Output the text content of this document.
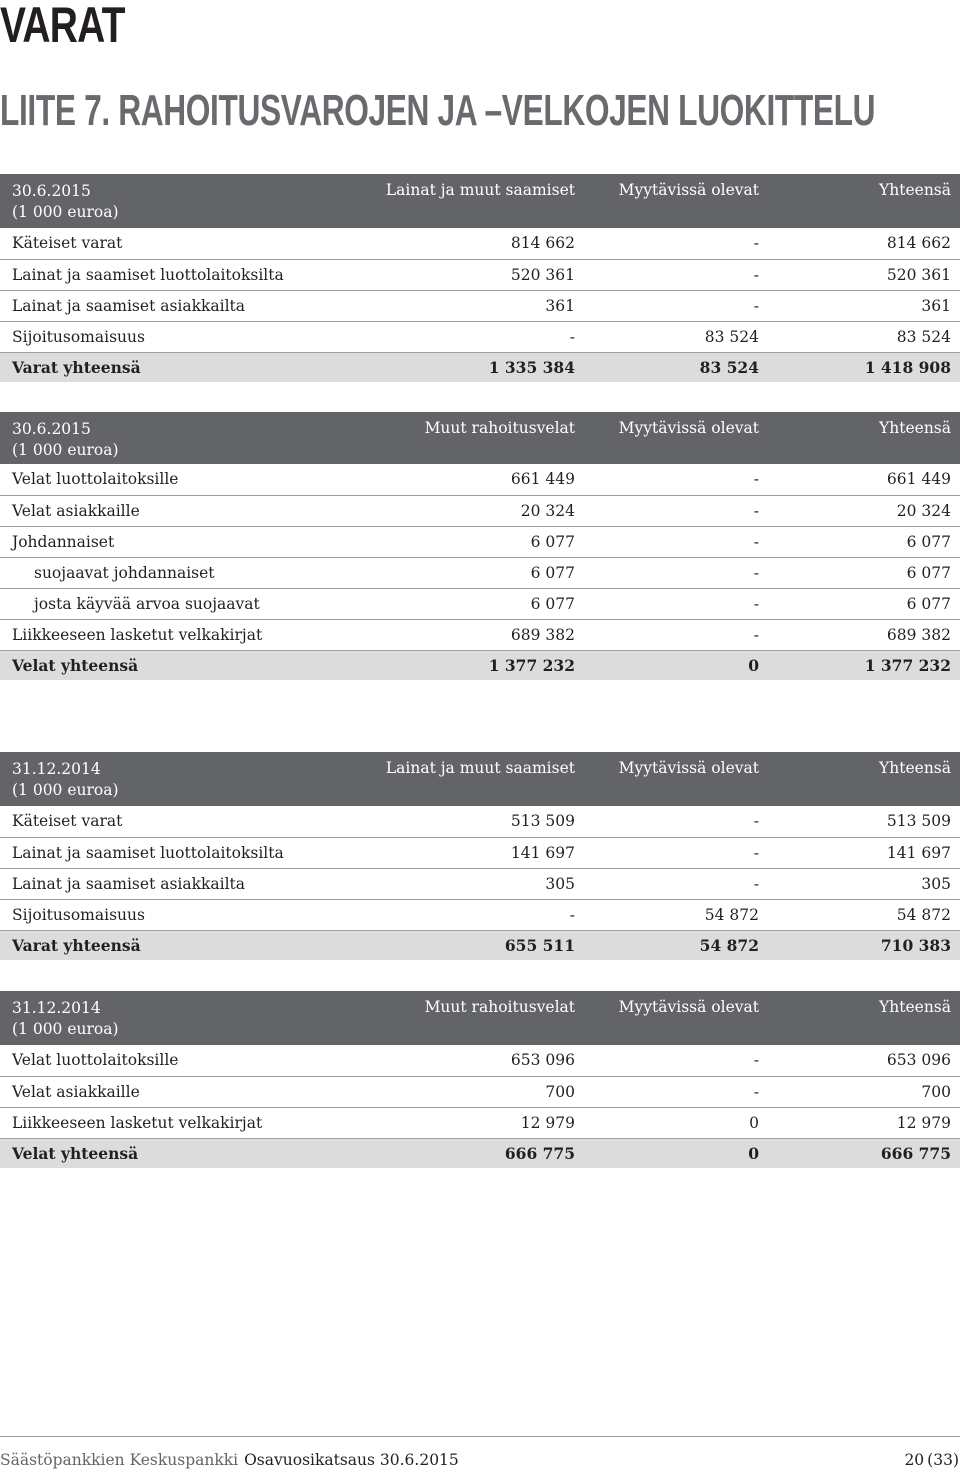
VARAT
LIITE 7. RAHOITUSVAROJEN JA –VELKOJEN LUOKITTELU
30.6.2015
(1 000 euroa)	Lainat ja muut saamiset	Myytävissä olevat	Yhteensä
Käteiset varat	814 662	-	814 662
Lainat ja saamiset luottolaitoksilta	520 361	-	520 361
Lainat ja saamiset asiakkailta	361	-	361
Sijoitusomaisuus	-	83 524	83 524
Varat yhteensä	1 335 384	83 524	1 418 908
30.6.2015
(1 000 euroa)	Muut rahoitusvelat	Myytävissä olevat	Yhteensä
Velat luottolaitoksille	661 449	-	661 449
Velat asiakkaille	20 324	-	20 324
Johdannaiset	6 077	-	6 077
suojaavat johdannaiset	6 077	-	6 077
josta käyvää arvoa suojaavat	6 077	-	6 077
Liikkeeseen lasketut velkakirjat	689 382	-	689 382
Velat yhteensä	1 377 232	0	1 377 232
31.12.2014
(1 000 euroa)	Lainat ja muut saamiset	Myytävissä olevat	Yhteensä
Käteiset varat	513 509	-	513 509
Lainat ja saamiset luottolaitoksilta	141 697	-	141 697
Lainat ja saamiset asiakkailta	305	-	305
Sijoitusomaisuus	-	54 872	54 872
Varat yhteensä	655 511	54 872	710 383
31.12.2014
(1 000 euroa)	Muut rahoitusvelat	Myytävissä olevat	Yhteensä
Velat luottolaitoksille	653 096	-	653 096
Velat asiakkaille	700	-	700
Liikkeeseen lasketut velkakirjat	12 979	0	12 979
Velat yhteensä	666 775	0	666 775
Säästöpankkien Keskuspankki Osavuosikatsaus 30.6.2015	20 (33)
